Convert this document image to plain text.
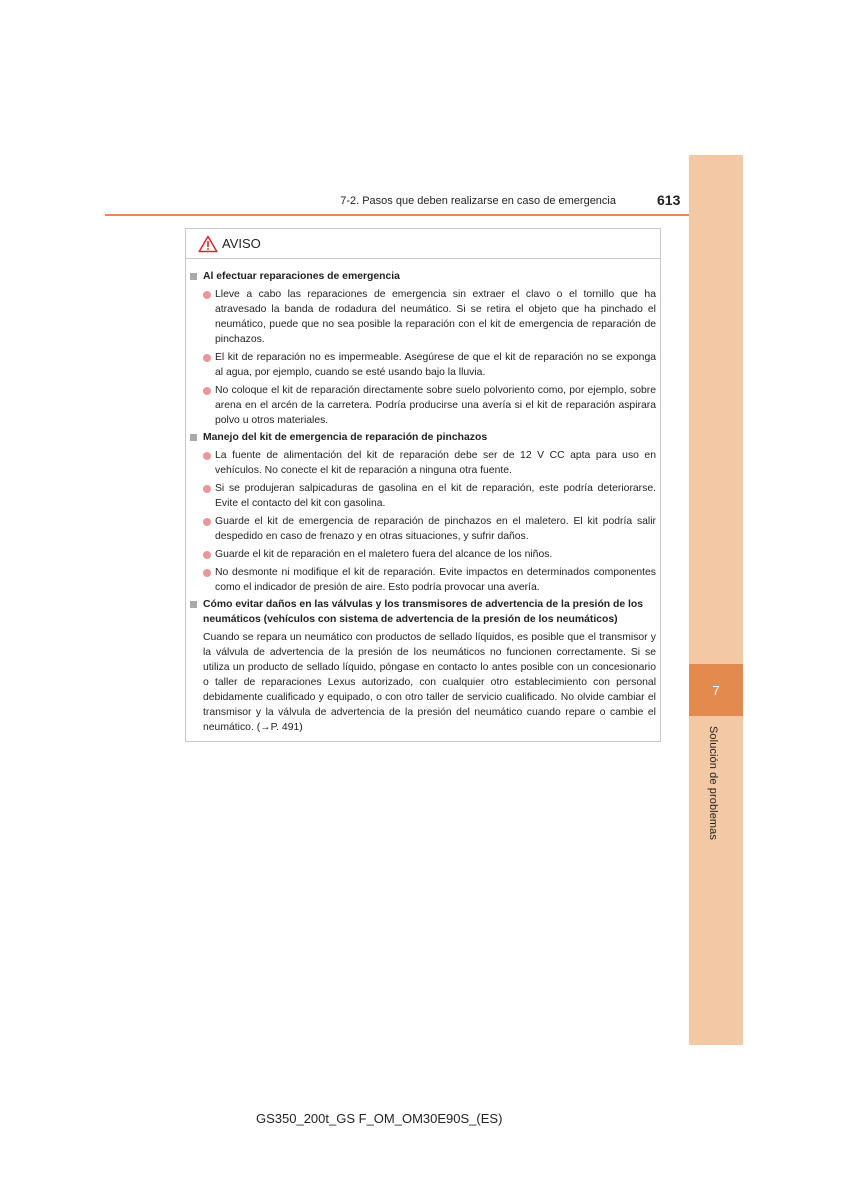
7
Solución de problemas
7-2. Pasos que deben realizarse en caso de emergencia	613
AVISO
Al efectuar reparaciones de emergencia
Lleve a cabo las reparaciones de emergencia sin extraer el clavo o el tornillo que ha atravesado la banda de rodadura del neumático. Si se retira el objeto que ha pinchado el neumático, puede que no sea posible la reparación con el kit de emergencia de reparación de pinchazos.
El kit de reparación no es impermeable. Asegúrese de que el kit de reparación no se exponga al agua, por ejemplo, cuando se esté usando bajo la lluvia.
No coloque el kit de reparación directamente sobre suelo polvoriento como, por ejemplo, sobre arena en el arcén de la carretera. Podría producirse una avería si el kit de reparación aspirara polvo u otros materiales.
Manejo del kit de emergencia de reparación de pinchazos
La fuente de alimentación del kit de reparación debe ser de 12 V CC apta para uso en vehículos. No conecte el kit de reparación a ninguna otra fuente.
Si se produjeran salpicaduras de gasolina en el kit de reparación, este podría deteriorarse. Evite el contacto del kit con gasolina.
Guarde el kit de emergencia de reparación de pinchazos en el maletero. El kit podría salir despedido en caso de frenazo y en otras situaciones, y sufrir daños.
Guarde el kit de reparación en el maletero fuera del alcance de los niños.
No desmonte ni modifique el kit de reparación. Evite impactos en determinados componentes como el indicador de presión de aire. Esto podría provocar una avería.
Cómo evitar daños en las válvulas y los transmisores de advertencia de la presión de los neumáticos (vehículos con sistema de advertencia de la presión de los neumáticos)
Cuando se repara un neumático con productos de sellado líquidos, es posible que el transmisor y la válvula de advertencia de la presión de los neumáticos no funcionen correctamente. Si se utiliza un producto de sellado líquido, póngase en contacto lo antes posible con un concesionario o taller de reparaciones Lexus autorizado, con cualquier otro establecimiento con personal debidamente cualificado y equipado, o con otro taller de servicio cualificado. No olvide cambiar el transmisor y la válvula de advertencia de la presión del neumático cuando repare o cambie el neumático. (→P. 491)
GS350_200t_GS F_OM_OM30E90S_(ES)
